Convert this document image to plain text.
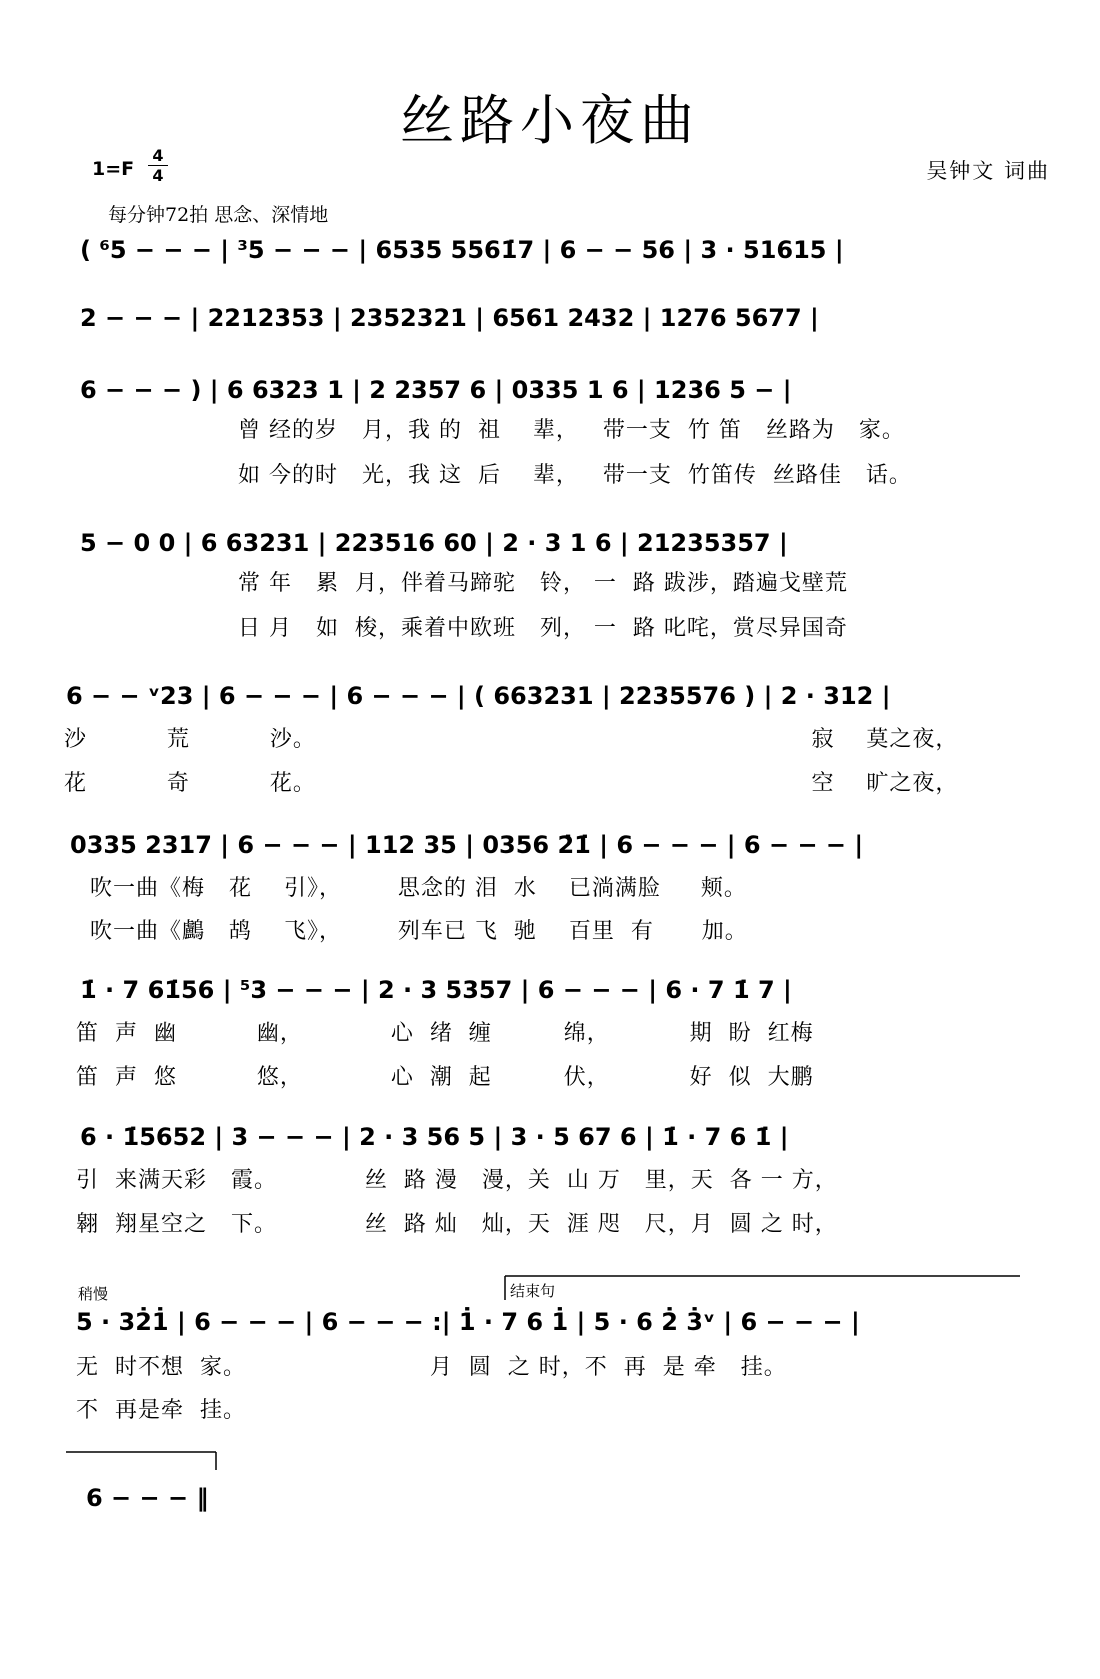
丝路小夜曲
1=F
4
4	吴钟文 词曲
每分钟72拍 思念、深情地
稍慢	结束句
( ⁶5 − − − | ³5 − − − | 6535 5561̇7 | 6 − − 56 | 3 · 51615 |
2 − − − | 2212353 | 2352321 | 6561 2432 | 1276 5677 |
6 − − − ) | 6 6323 1 | 2 2357 6 | 0335 1 6 | 1236 5 − |
曾 经的岁   月，我 的  祖    辈，   带一支  竹 笛   丝路为   家。
如 今的时   光，我 这  后    辈，   带一支  竹笛传  丝路佳   话。
5 − 0 0 | 6 63231 | 223516 60 | 2 · 3 1 6 | 21235357 |
常 年   累  月，伴着马蹄驼   铃， 一  路 跋涉，踏遍戈壁荒
日 月   如  梭，乘着中欧班   列， 一  路 叱咤，赏尽异国奇
6 − − ᵛ23 | 6 − − − | 6 − − − | ( 663231 | 2235576 ) | 2 · 312 |
沙          荒          沙。                                                              寂    莫之夜，
花          奇          花。                                                              空    旷之夜，
0335 2317 | 6 − − − | 112 35 | 0356 2̇1̇ | 6 − − − | 6 − − − |
吹一曲《梅   花    引》，       思念的 泪  水    已淌满脸     颊。
吹一曲《鸕   鸪    飞》，       列车已 飞  驰    百里  有      加。
1̇ · 7 61̇56 | ⁵3 − − − | 2 · 3 5357 | 6 − − − | 6 · 7 1̇ 7 |
笛  声  幽          幽，           心  绪  缠         绵，          期  盼  红梅
笛  声  悠          悠，           心  潮  起         伏，          好  似  大鹏
6 · 1̇5652 | 3 − − − | 2 · 3 56 5 | 3 · 5 67 6 | 1̇ · 7 6 1̇ |
引  来满天彩   霞。           丝  路 漫   漫，关  山 万   里，天  各 一 方，
翱  翔星空之   下。           丝  路 灿   灿，天  涯 咫   尺，月  圆 之 时，
5 · 32̇1̇ | 6 − − − | 6 − − − :| 1̇ · 7 6 1̇ | 5 · 6 2̇ 3̇ᵛ | 6 − − − |
无  时不想  家。                       月  圆  之 时，不  再  是 牵   挂。
不  再是牵  挂。
6 − − − ‖
